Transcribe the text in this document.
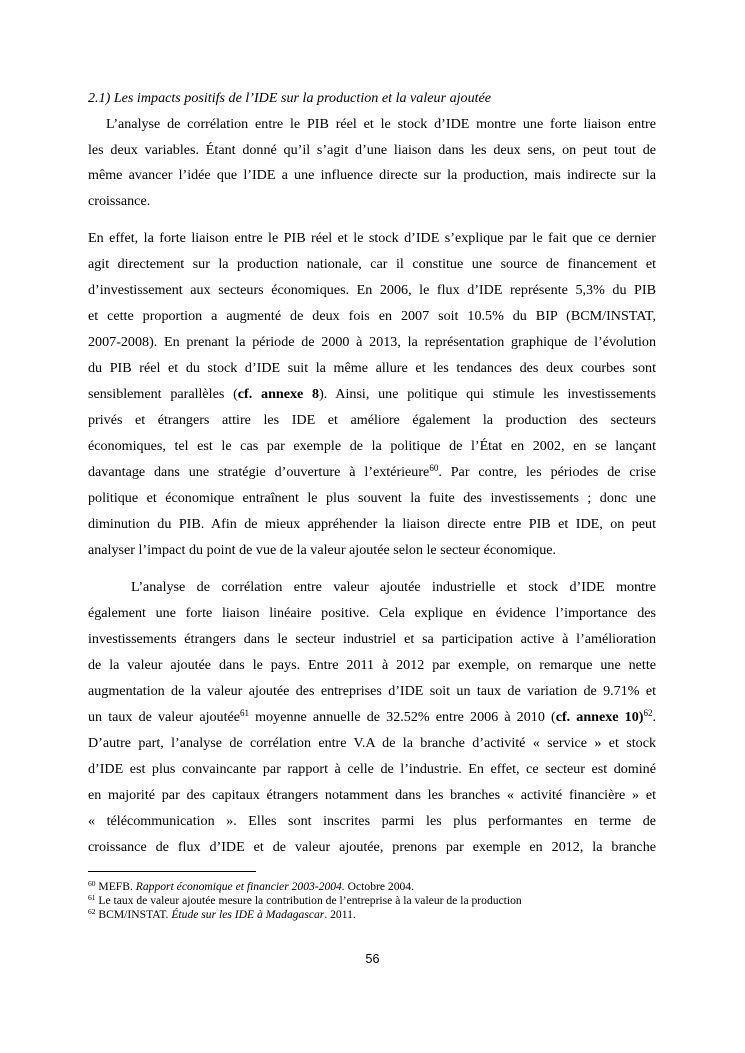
2.1) Les impacts positifs de l’IDE sur la production et la valeur ajoutée
L’analyse de corrélation entre le PIB réel et le stock d’IDE montre une forte liaison entre
les deux variables. Étant donné qu’il s’agit d’une liaison dans les deux sens, on peut tout de
même avancer l’idée que l’IDE a une influence directe sur la production, mais indirecte sur la
croissance.
En effet, la forte liaison entre le PIB réel et le stock d’IDE s’explique par le fait que ce dernier
agit directement sur la production nationale, car il constitue une source de financement et
d’investissement aux secteurs économiques. En 2006, le flux d’IDE représente 5,3% du PIB
et cette proportion a augmenté de deux fois en 2007 soit 10.5% du BIP (BCM/INSTAT,
2007-2008). En prenant la période de 2000 à 2013, la représentation graphique de l’évolution
du PIB réel et du stock d’IDE suit la même allure et les tendances des deux courbes sont
sensiblement parallèles (cf. annexe 8). Ainsi, une politique qui stimule les investissements
privés et étrangers attire les IDE et améliore également la production des secteurs
économiques, tel est le cas par exemple de la politique de l’État en 2002, en se lançant
davantage dans une stratégie d’ouverture à l’extérieure$^{60}$. Par contre, les périodes de crise
politique et économique entraînent le plus souvent la fuite des investissements ; donc une
diminution du PIB. Afin de mieux appréhender la liaison directe entre PIB et IDE, on peut
analyser l’impact du point de vue de la valeur ajoutée selon le secteur économique.
L’analyse de corrélation entre valeur ajoutée industrielle et stock d’IDE montre
également une forte liaison linéaire positive. Cela explique en évidence l’importance des
investissements étrangers dans le secteur industriel et sa participation active à l’amélioration
de la valeur ajoutée dans le pays. Entre 2011 à 2012 par exemple, on remarque une nette
augmentation de la valeur ajoutée des entreprises d’IDE soit un taux de variation de 9.71% et
un taux de valeur ajoutée$^{61}$ moyenne annuelle de 32.52% entre 2006 à 2010 (cf. annexe 10)$^{62}$.
D’autre part, l’analyse de corrélation entre V.A de la branche d’activité « service » et stock
d’IDE est plus convaincante par rapport à celle de l’industrie. En effet, ce secteur est dominé
en majorité par des capitaux étrangers notamment dans les branches « activité financière » et
« télécommunication ». Elles sont inscrites parmi les plus performantes en terme de
croissance de flux d’IDE et de valeur ajoutée, prenons par exemple en 2012, la branche
$^{60}$ MEFB. Rapport économique et financier 2003-2004. Octobre 2004.
$^{61}$ Le taux de valeur ajoutée mesure la contribution de l’entreprise à la valeur de la production
$^{62}$ BCM/INSTAT. Étude sur les IDE à Madagascar. 2011.
56
